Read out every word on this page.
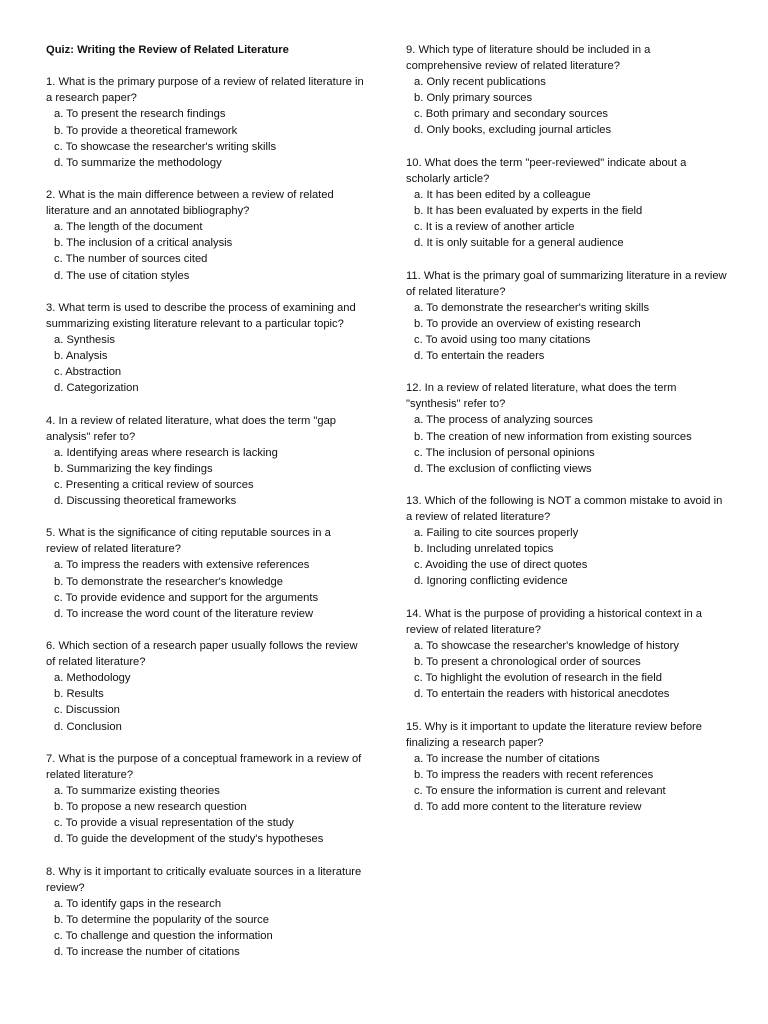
Quiz: Writing the Review of Related Literature

1. What is the primary purpose of a review of related literature in a research paper?

a. To present the research findings
b. To provide a theoretical framework
c. To showcase the researcher's writing skills
d. To summarize the methodology

2. What is the main difference between a review of related literature and an annotated bibliography?

a. The length of the document
b. The inclusion of a critical analysis
c. The number of sources cited
d. The use of citation styles

3. What term is used to describe the process of examining and summarizing existing literature relevant to a particular topic?

a. Synthesis
b. Analysis
c. Abstraction
d. Categorization

4. In a review of related literature, what does the term "gap analysis" refer to?

a. Identifying areas where research is lacking
b. Summarizing the key findings
c. Presenting a critical review of sources
d. Discussing theoretical frameworks

5. What is the significance of citing reputable sources in a review of related literature?

a. To impress the readers with extensive references
b. To demonstrate the researcher's knowledge
c. To provide evidence and support for the arguments
d. To increase the word count of the literature review

6. Which section of a research paper usually follows the review of related literature?

a. Methodology
b. Results
c. Discussion
d. Conclusion

7. What is the purpose of a conceptual framework in a review of related literature?

a. To summarize existing theories
b. To propose a new research question
c. To provide a visual representation of the study
d. To guide the development of the study's hypotheses

8. Why is it important to critically evaluate sources in a literature review?

a. To identify gaps in the research
b. To determine the popularity of the source
c. To challenge and question the information
d. To increase the number of citations

9. Which type of literature should be included in a comprehensive review of related literature?

a. Only recent publications
b. Only primary sources
c. Both primary and secondary sources
d. Only books, excluding journal articles

10. What does the term "peer-reviewed" indicate about a scholarly article?

a. It has been edited by a colleague
b. It has been evaluated by experts in the field
c. It is a review of another article
d. It is only suitable for a general audience

11. What is the primary goal of summarizing literature in a review of related literature?

a. To demonstrate the researcher's writing skills
b. To provide an overview of existing research
c. To avoid using too many citations
d. To entertain the readers

12. In a review of related literature, what does the term "synthesis" refer to?

a. The process of analyzing sources
b. The creation of new information from existing sources
c. The inclusion of personal opinions
d. The exclusion of conflicting views

13. Which of the following is NOT a common mistake to avoid in a review of related literature?

a. Failing to cite sources properly
b. Including unrelated topics
c. Avoiding the use of direct quotes
d. Ignoring conflicting evidence

14. What is the purpose of providing a historical context in a review of related literature?

a. To showcase the researcher's knowledge of history
b. To present a chronological order of sources
c. To highlight the evolution of research in the field
d. To entertain the readers with historical anecdotes

15. Why is it important to update the literature review before finalizing a research paper?

a. To increase the number of citations
b. To impress the readers with recent references
c. To ensure the information is current and relevant
d. To add more content to the literature review
